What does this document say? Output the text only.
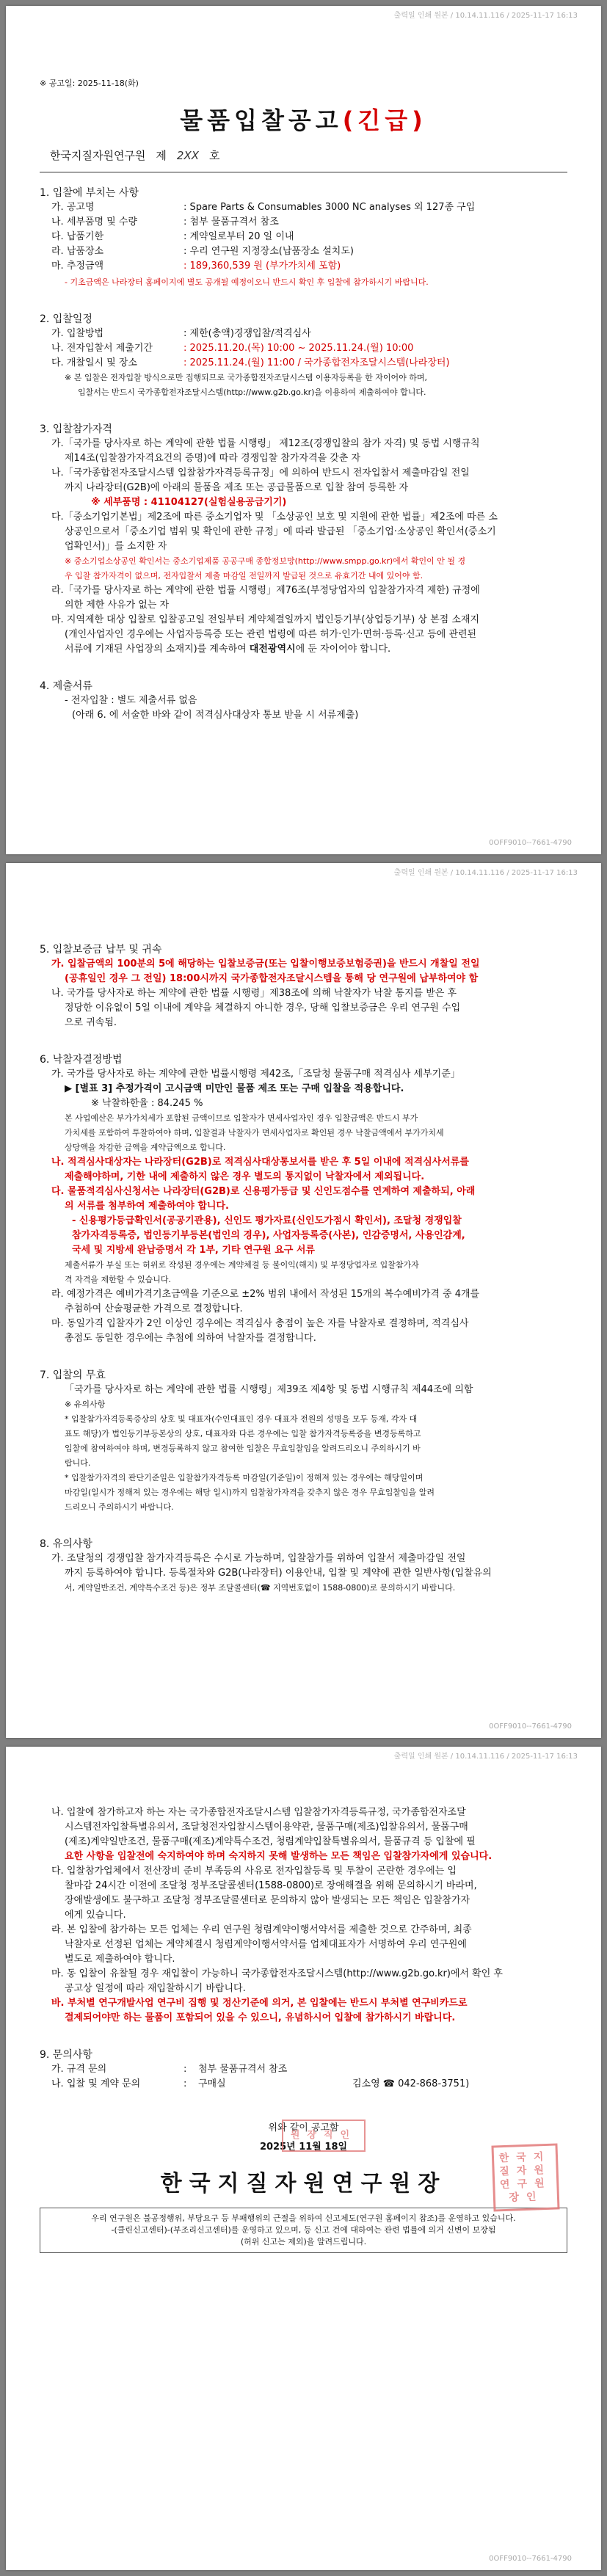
출력일 인쇄 원본 / 10.14.11.116 / 2025-11-17 16:13
※ 공고일: 2025-11-18(화)
물품입찰공고(긴급)
한국지질자원연구원 제 2XX 호
1. 입찰에 부치는 사항
가. 공고명	: Spare Parts & Consumables 3000 NC analyses 외 127종 구입
나. 세부품명 및 수량	: 첨부 물품규격서 참조
다. 납품기한	: 계약일로부터 20 일 이내
라. 납품장소	: 우리 연구원 지정장소(납품장소 설치도)
마. 추정금액	: 189,360,539 원 (부가가치세 포함)
- 기초금액은 나라장터 홈페이지에 별도 공개될 예정이오니 반드시 확인 후 입찰에 참가하시기 바랍니다.
2. 입찰일정
가. 입찰방법	: 제한(총액)경쟁입찰/적격심사
나. 전자입찰서 제출기간	: 2025.11.20.(목) 10:00 ~ 2025.11.24.(월) 10:00
다. 개찰일시 및 장소	: 2025.11.24.(월) 11:00 / 국가종합전자조달시스템(나라장터)
※ 본 입찰은 전자입찰 방식으로만 집행되므로 국가종합전자조달시스템 이용자등록을 한 자이어야 하며,
입찰서는 반드시 국가종합전자조달시스템(http://www.g2b.go.kr)을 이용하여 제출하여야 합니다.
3. 입찰참가자격
가.「국가를 당사자로 하는 계약에 관한 법률 시행령」 제12조(경쟁입찰의 참가 자격) 및 동법 시행규칙
제14조(입찰참가자격요건의 증명)에 따라 경쟁입찰 참가자격을 갖춘 자
나.「국가종합전자조달시스템 입찰참가자격등록규정」에 의하여 반드시 전자입찰서 제출마감일 전일
까지 나라장터(G2B)에 아래의 물품을 제조 또는 공급물품으로 입찰 참여 등록한 자
※ 세부품명 : 41104127(실험실용공급기기)
다.「중소기업기본법」제2조에 따른 중소기업자 및 「소상공인 보호 및 지원에 관한 법률」제2조에 따른 소
상공인으로서「중소기업 범위 및 확인에 관한 규정」에 따라 발급된 「중소기업·소상공인 확인서(중소기
업확인서)」를 소지한 자
※ 중소기업소상공인 확인서는 중소기업제품 공공구매 종합정보망(http://www.smpp.go.kr)에서 확인이 안 될 경
우 입찰 참가자격이 없으며, 전자입찰서 제출 마감일 전일까지 발급된 것으로 유효기간 내에 있어야 함.
라.「국가를 당사자로 하는 계약에 관한 법률 시행령」제76조(부정당업자의 입찰참가자격 제한) 규정에
의한 제한 사유가 없는 자
마. 지역제한 대상 입찰로 입찰공고일 전일부터 계약체결일까지 법인등기부(상업등기부) 상 본점 소재지
(개인사업자인 경우에는 사업자등록증 또는 관련 법령에 따른 허가·인가·면허·등록·신고 등에 관련된
서류에 기재된 사업장의 소재지)를 계속하여 대전광역시에 둔 자이어야 합니다.
4. 제출서류
- 전자입찰 : 별도 제출서류 없음
(아래 6. 에 서술한 바와 같이 적격심사대상자 통보 받을 시 서류제출)
0OFF9010--7661-4790
출력일 인쇄 원본 / 10.14.11.116 / 2025-11-17 16:13
5. 입찰보증금 납부 및 귀속
가. 입찰금액의 100분의 5에 해당하는 입찰보증금(또는 입찰이행보증보험증권)을 반드시 개찰일 전일
(공휴일인 경우 그 전일) 18:00시까지 국가종합전자조달시스템을 통해 당 연구원에 납부하여야 함
나. 국가를 당사자로 하는 계약에 관한 법률 시행령」제38조에 의해 낙찰자가 낙찰 통지를 받은 후
정당한 이유없이 5일 이내에 계약을 체결하지 아니한 경우, 당해 입찰보증금은 우리 연구원 수입
으로 귀속됨.
6. 낙찰자결정방법
가. 국가를 당사자로 하는 계약에 관한 법률시행령 제42조,「조달청 물품구매 적격심사 세부기준」
▶ [별표 3] 추정가격이 고시금액 미만인 물품 제조 또는 구매 입찰을 적용합니다.
※ 낙찰하한율 : 84.245 %
본 사업예산은 부가가치세가 포함된 금액이므로 입찰자가 면세사업자인 경우 입찰금액은 반드시 부가
가치세를 포함하여 투찰하여야 하며, 입찰결과 낙찰자가 면세사업자로 확인된 경우 낙찰금액에서 부가가치세
상당액을 차감한 금액을 계약금액으로 합니다.
나. 적격심사대상자는 나라장터(G2B)로 적격심사대상통보서를 받은 후 5일 이내에 적격심사서류를
제출해야하며, 기한 내에 제출하지 않은 경우 별도의 통지없이 낙찰자에서 제외됩니다.
다. 물품적격심사신청서는 나라장터(G2B)로 신용평가등급 및 신인도점수를 연계하여 제출하되, 아래
의 서류를 첨부하여 제출하여야 합니다.
- 신용평가등급확인서(공공기관용), 신인도 평가자료(신인도가점시 확인서), 조달청 경쟁입찰
참가자격등록증, 법인등기부등본(법인의 경우), 사업자등록증(사본), 인감증명서, 사용인감계,
국세 및 지방세 완납증명서 각 1부, 기타 연구원 요구 서류
제출서류가 부실 또는 허위로 작성된 경우에는 계약체결 등 불이익(해지) 및 부정당업자로 입찰참가자
격 자격을 제한할 수 있습니다.
라. 예정가격은 예비가격기초금액을 기준으로 ±2% 범위 내에서 작성된 15개의 복수예비가격 중 4개를
추첨하여 산술평균한 가격으로 결정합니다.
마. 동일가격 입찰자가 2인 이상인 경우에는 적격심사 총점이 높은 자를 낙찰자로 결정하며, 적격심사
총점도 동일한 경우에는 추첨에 의하여 낙찰자를 결정합니다.
7. 입찰의 무효
「국가를 당사자로 하는 계약에 관한 법률 시행령」제39조 제4항 및 동법 시행규칙 제44조에 의함
※ 유의사항
* 입찰참가자격등록증상의 상호 및 대표자(수인대표인 경우 대표자 전원의 성명을 모두 등재, 각자 대
표도 해당)가 법인등기부등본상의 상호, 대표자와 다른 경우에는 입찰 참가자격등록증을 변경등록하고
입찰에 참여하여야 하며, 변경등록하지 않고 참여한 입찰은 무효입찰임을 알려드리오니 주의하시기 바
랍니다.
* 입찰참가자격의 판단기준일은 입찰참가자격등록 마감일(기준일)이 정해져 있는 경우에는 해당일이며
마감일(일시가 정해져 있는 경우에는 해당 일시)까지 입찰참가자격을 갖추지 않은 경우 무효입찰임을 알려
드리오니 주의하시기 바랍니다.
8. 유의사항
가. 조달청의 경쟁입찰 참가자격등록은 수시로 가능하며, 입찰참가를 위하여 입찰서 제출마감일 전일
까지 등록하여야 합니다. 등록절차와 G2B(나라장터) 이용안내, 입찰 및 계약에 관한 일반사항(입찰유의
서, 계약일반조건, 계약특수조건 등)은 정부 조달콜센터(☎ 지역번호없이 1588-0800)로 문의하시기 바랍니다.
0OFF9010--7661-4790
출력일 인쇄 원본 / 10.14.11.116 / 2025-11-17 16:13
나. 입찰에 참가하고자 하는 자는 국가종합전자조달시스템 입찰참가자격등록규정, 국가종합전자조달
시스템전자입찰특별유의서, 조달청전자입찰시스템이용약관, 물품구매(제조)입찰유의서, 물품구매
(제조)계약일반조건, 물품구매(제조)계약특수조건, 청렴계약입찰특별유의서, 물품규격 등 입찰에 필
요한 사항을 입찰전에 숙지하여야 하며 숙지하지 못해 발생하는 모든 책임은 입찰참가자에게 있습니다.
다. 입찰참가업체에서 전산장비 준비 부족등의 사유로 전자입찰등록 및 투찰이 곤란한 경우에는 입
찰마감 24시간 이전에 조달청 정부조달콜센터(1588-0800)로 장애해결을 위해 문의하시기 바라며,
장애발생에도 불구하고 조달청 정부조달콜센터로 문의하지 않아 발생되는 모든 책임은 입찰참가자
에게 있습니다.
라. 본 입찰에 참가하는 모든 업체는 우리 연구원 청렴계약이행서약서를 제출한 것으로 간주하며, 최종
낙찰자로 선정된 업체는 계약체결시 청렴계약이행서약서를 업체대표자가 서명하여 우리 연구원에
별도로 제출하여야 합니다.
마. 동 입찰이 유찰될 경우 재입찰이 가능하니 국가종합전자조달시스템(http://www.g2b.go.kr)에서 확인 후
공고상 일정에 따라 재입찰하시기 바랍니다.
바. 부처별 연구개발사업 연구비 집행 및 정산기준에 의거, 본 입찰에는 반드시 부처별 연구비카드로
결제되어야만 하는 물품이 포함되어 있을 수 있으니, 유념하시어 입찰에 참가하시기 바랍니다.
9. 문의사항
가. 규격 문의	:	첨부 물품규격서 참조
나. 입찰 및 계약 문의	:	구매실	김소영 ☎ 042-868-3751)
위와 같이 공고함
2025년 11월 18일
원장직인
한국지질자원연구원장
한국지질자원연구원장인
우리 연구원은 불공정행위, 부당요구 등 부패행위의 근절을 위하여 신고제도(연구원 홈페이지 참조)를 운영하고 있습니다.
-(클린신고센터)-(부조리신고센터)를 운영하고 있으며, 등 신고 건에 대하여는 관련 법률에 의거 신변이 보장됨
(허위 신고는 제외)을 알려드립니다.
0OFF9010--7661-4790
